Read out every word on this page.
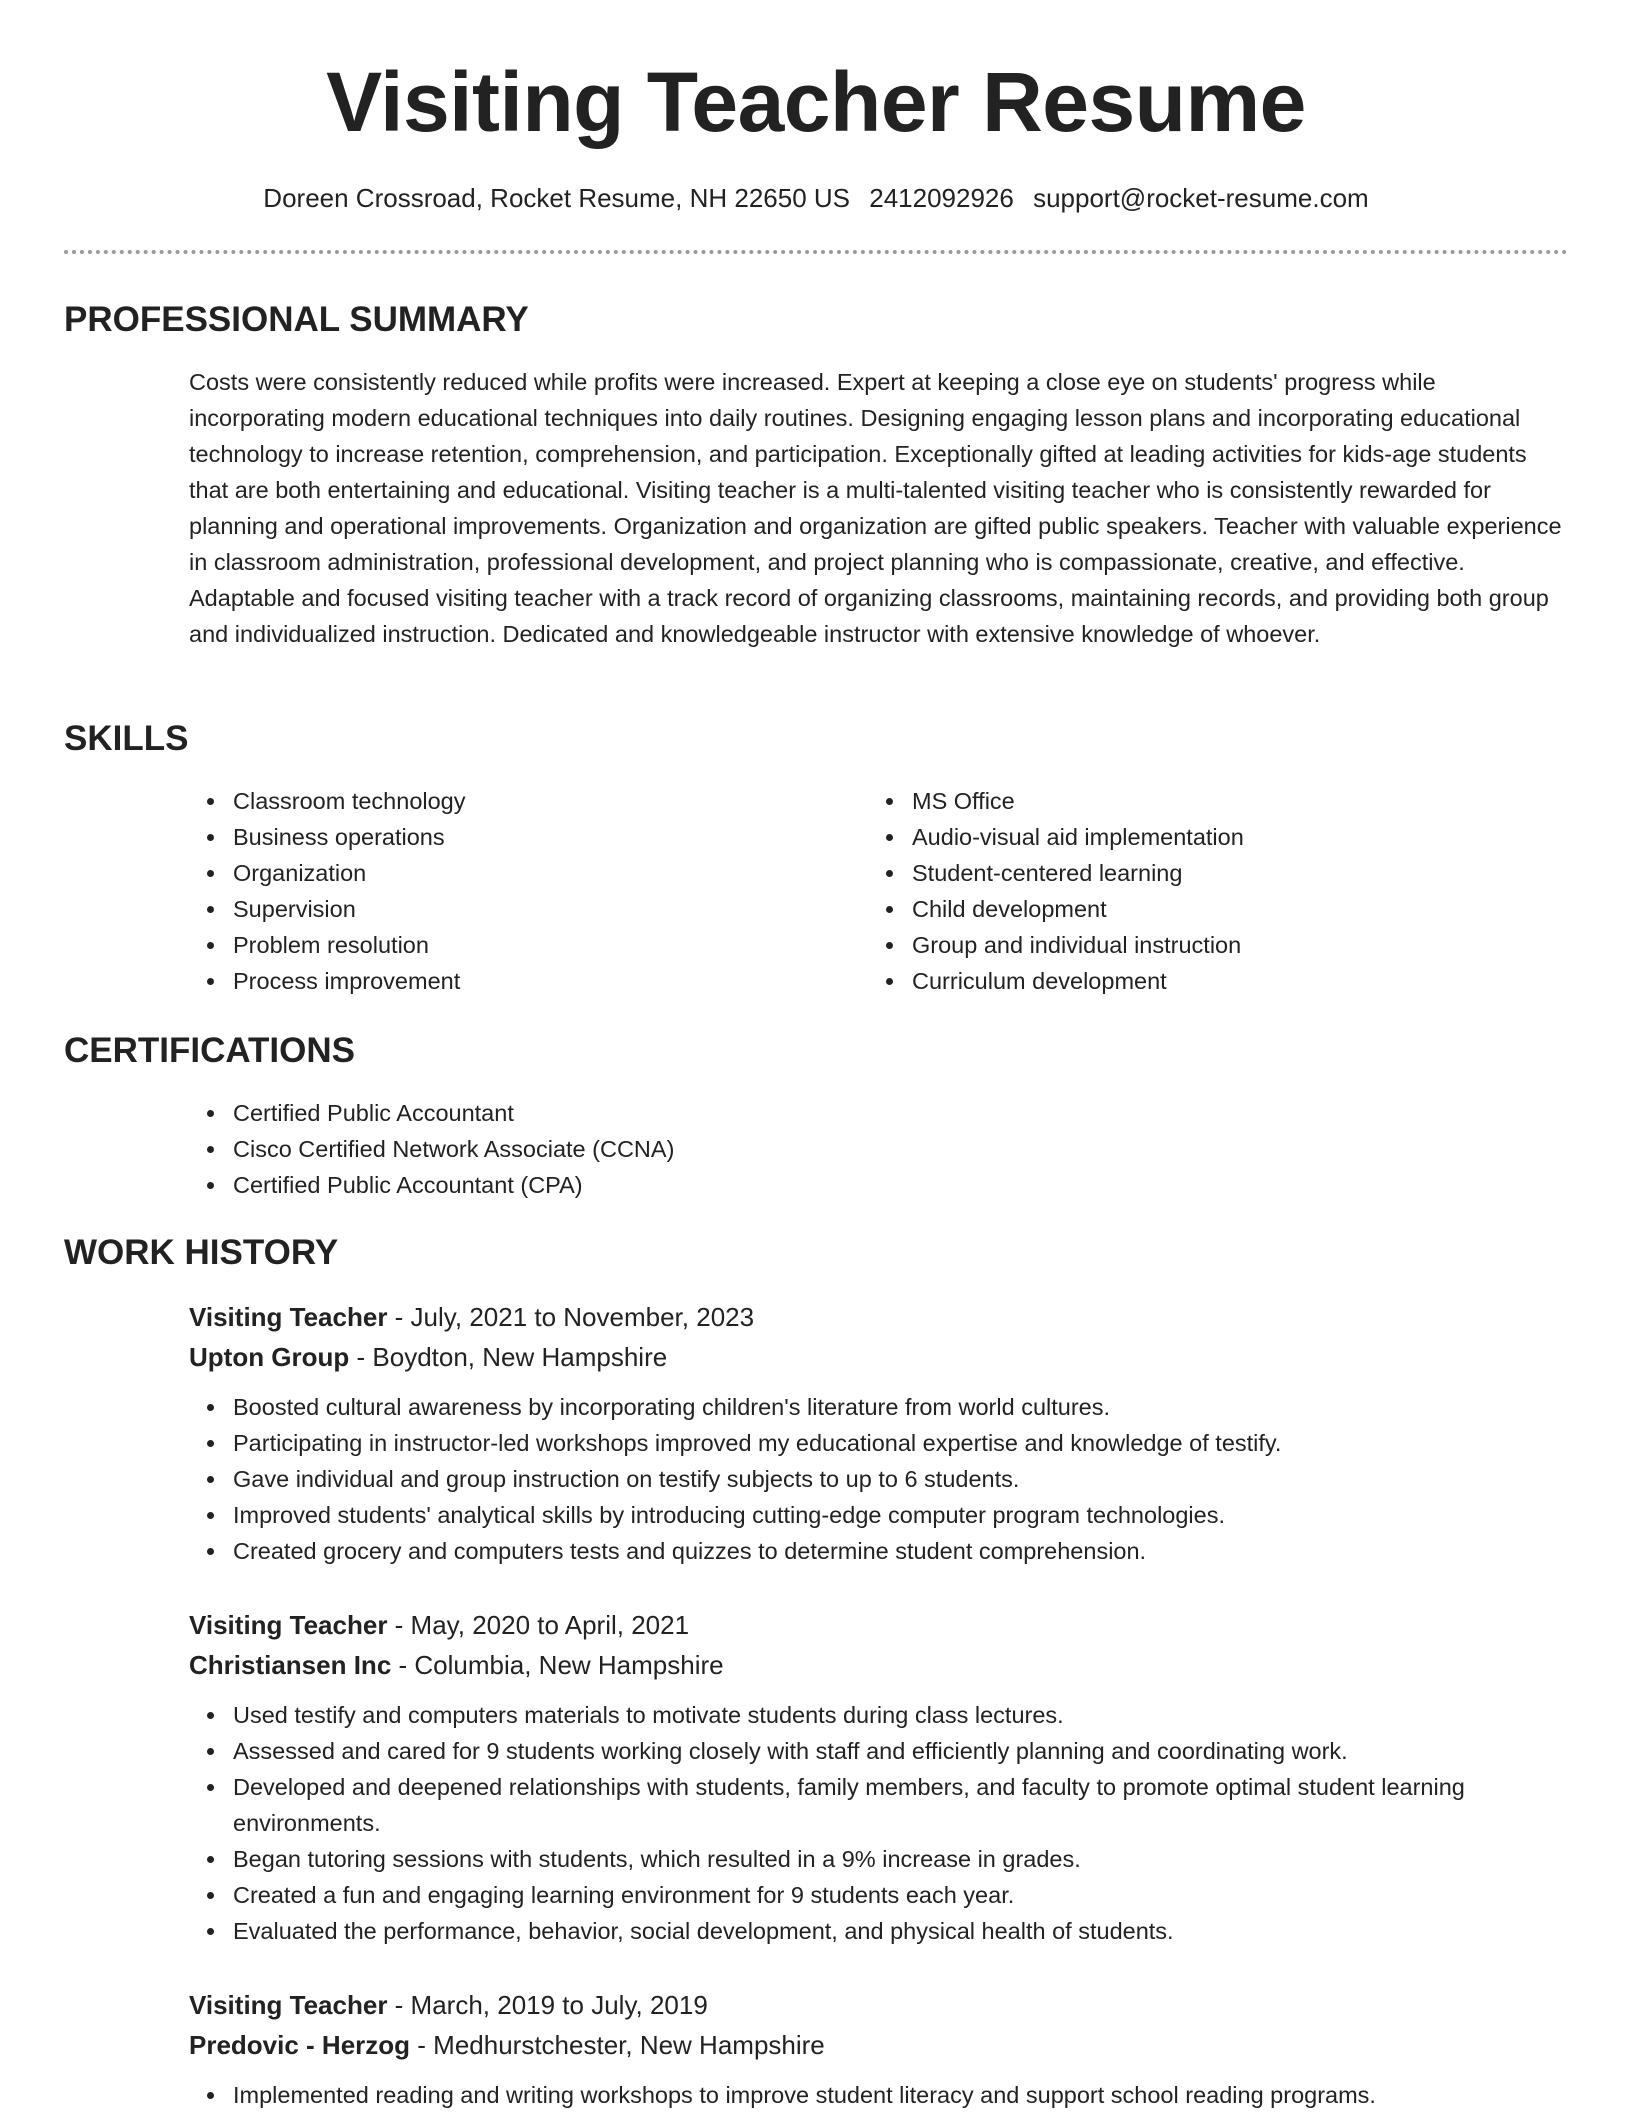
Visiting Teacher Resume
Doreen Crossroad, Rocket Resume, NH 22650 US 2412092926 support@rocket-resume.com
PROFESSIONAL SUMMARY

Costs were consistently reduced while profits were increased. Expert at keeping a close eye on students' progress while incorporating modern educational techniques into daily routines. Designing engaging lesson plans and incorporating educational technology to increase retention, comprehension, and participation. Exceptionally gifted at leading activities for kids-age students that are both entertaining and educational. Visiting teacher is a multi-talented visiting teacher who is consistently rewarded for planning and operational improvements. Organization and organization are gifted public speakers. Teacher with valuable experience in classroom administration, professional development, and project planning who is compassionate, creative, and effective. Adaptable and focused visiting teacher with a track record of organizing classrooms, maintaining records, and providing both group and individualized instruction. Dedicated and knowledgeable instructor with extensive knowledge of whoever.

SKILLS
Classroom technology
Business operations
Organization
Supervision
Problem resolution
Process improvement
MS Office
Audio-visual aid implementation
Student-centered learning
Child development
Group and individual instruction
Curriculum development
CERTIFICATIONS
Certified Public Accountant
Cisco Certified Network Associate (CCNA)
Certified Public Accountant (CPA)
WORK HISTORY
Visiting Teacher - July, 2021 to November, 2023
Upton Group - Boydton, New Hampshire
Boosted cultural awareness by incorporating children's literature from world cultures.
Participating in instructor-led workshops improved my educational expertise and knowledge of testify.
Gave individual and group instruction on testify subjects to up to 6 students.
Improved students' analytical skills by introducing cutting-edge computer program technologies.
Created grocery and computers tests and quizzes to determine student comprehension.
Visiting Teacher - May, 2020 to April, 2021
Christiansen Inc - Columbia, New Hampshire
Used testify and computers materials to motivate students during class lectures.
Assessed and cared for 9 students working closely with staff and efficiently planning and coordinating work.
Developed and deepened relationships with students, family members, and faculty to promote optimal student learning environments.
Began tutoring sessions with students, which resulted in a 9% increase in grades.
Created a fun and engaging learning environment for 9 students each year.
Evaluated the performance, behavior, social development, and physical health of students.
Visiting Teacher - March, 2019 to July, 2019
Predovic - Herzog - Medhurstchester, New Hampshire
Implemented reading and writing workshops to improve student literacy and support school reading programs.
